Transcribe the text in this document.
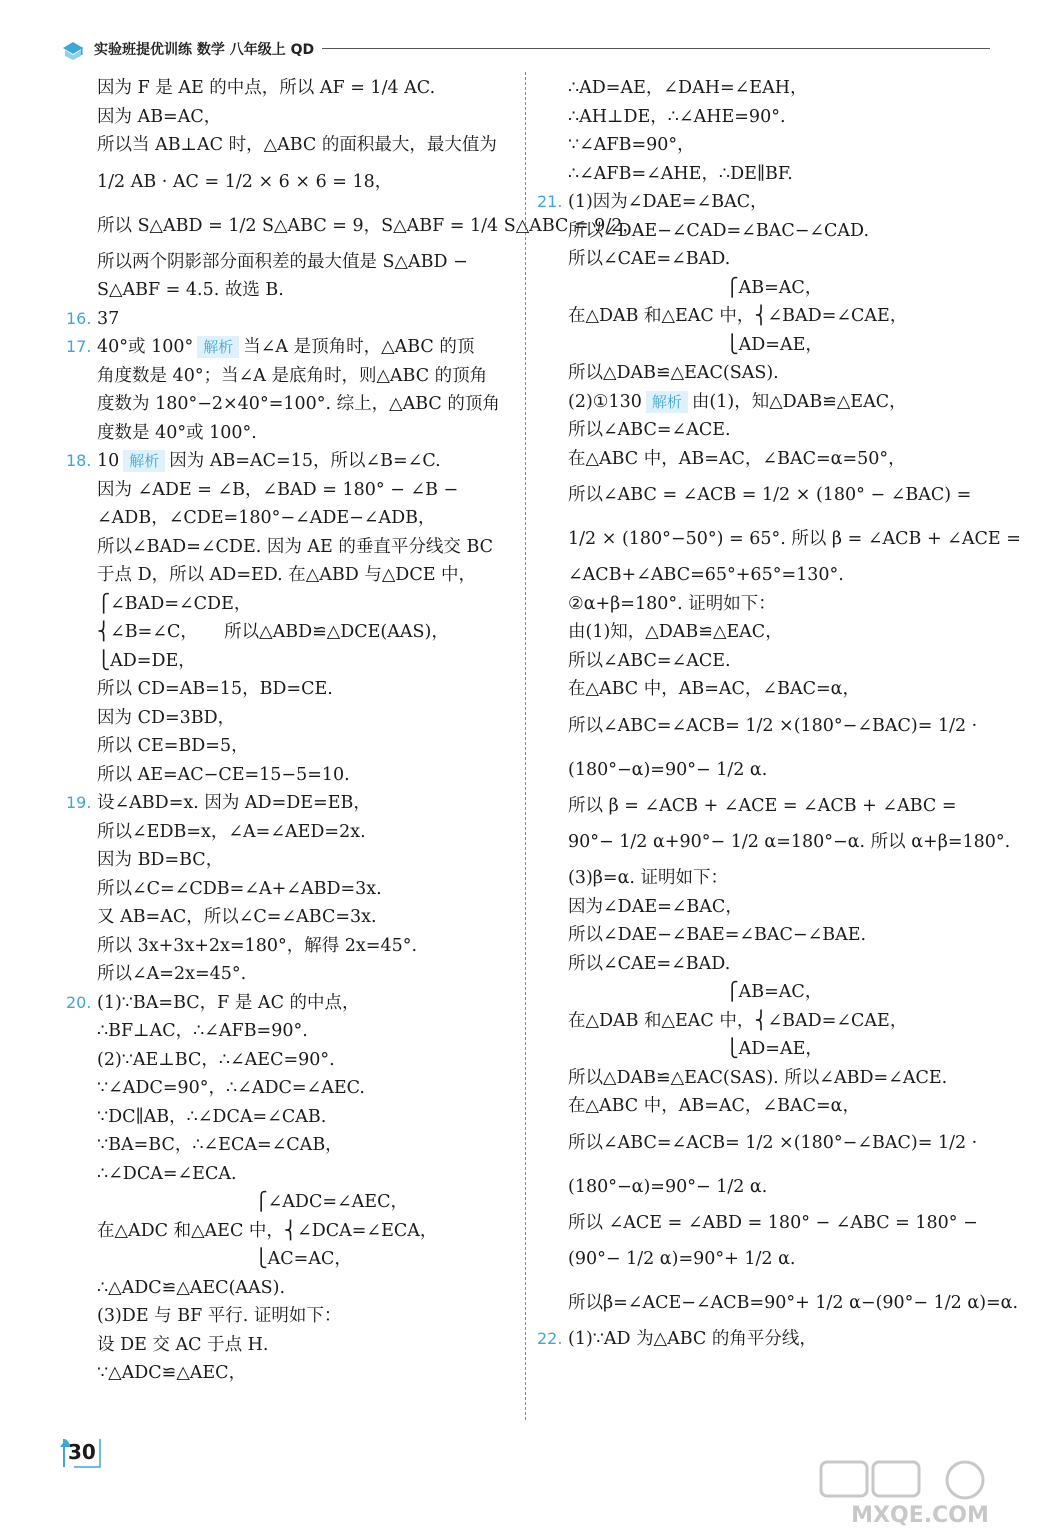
实验班提优训练 数学 八年级上 QD
因为 F 是 AE 的中点，所以 AF = 1/4 AC.
因为 AB=AC，
所以当 AB⊥AC 时，△ABC 的面积最大，最大值为
1/2 AB · AC = 1/2 × 6 × 6 = 18，
所以 S△ABD = 1/2 S△ABC = 9，S△ABF = 1/4 S△ABC = 9/2，
所以两个阴影部分面积差的最大值是 S△ABD −
S△ABF = 4.5. 故选 B.
16. 37
17. 40°或 100° 解析 当∠A 是顶角时，△ABC 的顶
角度数是 40°；当∠A 是底角时，则△ABC 的顶角
度数为 180°−2×40°=100°. 综上，△ABC 的顶角
度数是 40°或 100°.
18. 10 解析 因为 AB=AC=15，所以∠B=∠C.
因为 ∠ADE = ∠B，∠BAD = 180° − ∠B −
∠ADB，∠CDE=180°−∠ADE−∠ADB，
所以∠BAD=∠CDE. 因为 AE 的垂直平分线交 BC
于点 D，所以 AD=ED. 在△ABD 与△DCE 中，
⎧∠BAD=∠CDE，
⎨∠B=∠C，　　所以△ABD≌△DCE(AAS)，
⎩AD=DE，
所以 CD=AB=15，BD=CE.
因为 CD=3BD，
所以 CE=BD=5，
所以 AE=AC−CE=15−5=10.
19. 设∠ABD=x. 因为 AD=DE=EB，
所以∠EDB=x，∠A=∠AED=2x.
因为 BD=BC，
所以∠C=∠CDB=∠A+∠ABD=3x.
又 AB=AC，所以∠C=∠ABC=3x.
所以 3x+3x+2x=180°，解得 2x=45°.
所以∠A=2x=45°.
20. (1)∵BA=BC，F 是 AC 的中点，
∴BF⊥AC，∴∠AFB=90°.
(2)∵AE⊥BC，∴∠AEC=90°.
∵∠ADC=90°，∴∠ADC=∠AEC.
∵DC∥AB，∴∠DCA=∠CAB.
∵BA=BC，∴∠ECA=∠CAB，
∴∠DCA=∠ECA.
　　　　　　　　　⎧∠ADC=∠AEC，
在△ADC 和△AEC 中，⎨∠DCA=∠ECA，
　　　　　　　　　⎩AC=AC，
∴△ADC≌△AEC(AAS).
(3)DE 与 BF 平行. 证明如下：
设 DE 交 AC 于点 H.
∵△ADC≌△AEC，
∴AD=AE，∠DAH=∠EAH，
∴AH⊥DE，∴∠AHE=90°.
∵∠AFB=90°，
∴∠AFB=∠AHE，∴DE∥BF.
21. (1)因为∠DAE=∠BAC，
所以∠DAE−∠CAD=∠BAC−∠CAD.
所以∠CAE=∠BAD.
　　　　　　　　　⎧AB=AC，
在△DAB 和△EAC 中，⎨∠BAD=∠CAE，
　　　　　　　　　⎩AD=AE，
所以△DAB≌△EAC(SAS).
(2)①130 解析 由(1)，知△DAB≌△EAC，
所以∠ABC=∠ACE.
在△ABC 中，AB=AC，∠BAC=α=50°，
所以∠ABC = ∠ACB = 1/2 × (180° − ∠BAC) =
1/2 × (180°−50°) = 65°. 所以 β = ∠ACB + ∠ACE =
∠ACB+∠ABC=65°+65°=130°.
②α+β=180°. 证明如下：
由(1)知，△DAB≌△EAC，
所以∠ABC=∠ACE.
在△ABC 中，AB=AC，∠BAC=α，
所以∠ABC=∠ACB= 1/2 ×(180°−∠BAC)= 1/2 ·
(180°−α)=90°− 1/2 α.
所以 β = ∠ACB + ∠ACE = ∠ACB + ∠ABC =
90°− 1/2 α+90°− 1/2 α=180°−α. 所以 α+β=180°.
(3)β=α. 证明如下：
因为∠DAE=∠BAC，
所以∠DAE−∠BAE=∠BAC−∠BAE.
所以∠CAE=∠BAD.
　　　　　　　　　⎧AB=AC，
在△DAB 和△EAC 中，⎨∠BAD=∠CAE，
　　　　　　　　　⎩AD=AE，
所以△DAB≌△EAC(SAS). 所以∠ABD=∠ACE.
在△ABC 中，AB=AC，∠BAC=α，
所以∠ABC=∠ACB= 1/2 ×(180°−∠BAC)= 1/2 ·
(180°−α)=90°− 1/2 α.
所以 ∠ACE = ∠ABD = 180° − ∠ABC = 180° −
(90°− 1/2 α)=90°+ 1/2 α.
所以β=∠ACE−∠ACB=90°+ 1/2 α−(90°− 1/2 α)=α.
22. (1)∵AD 为△ABC 的角平分线，
30
MXQE.COM
